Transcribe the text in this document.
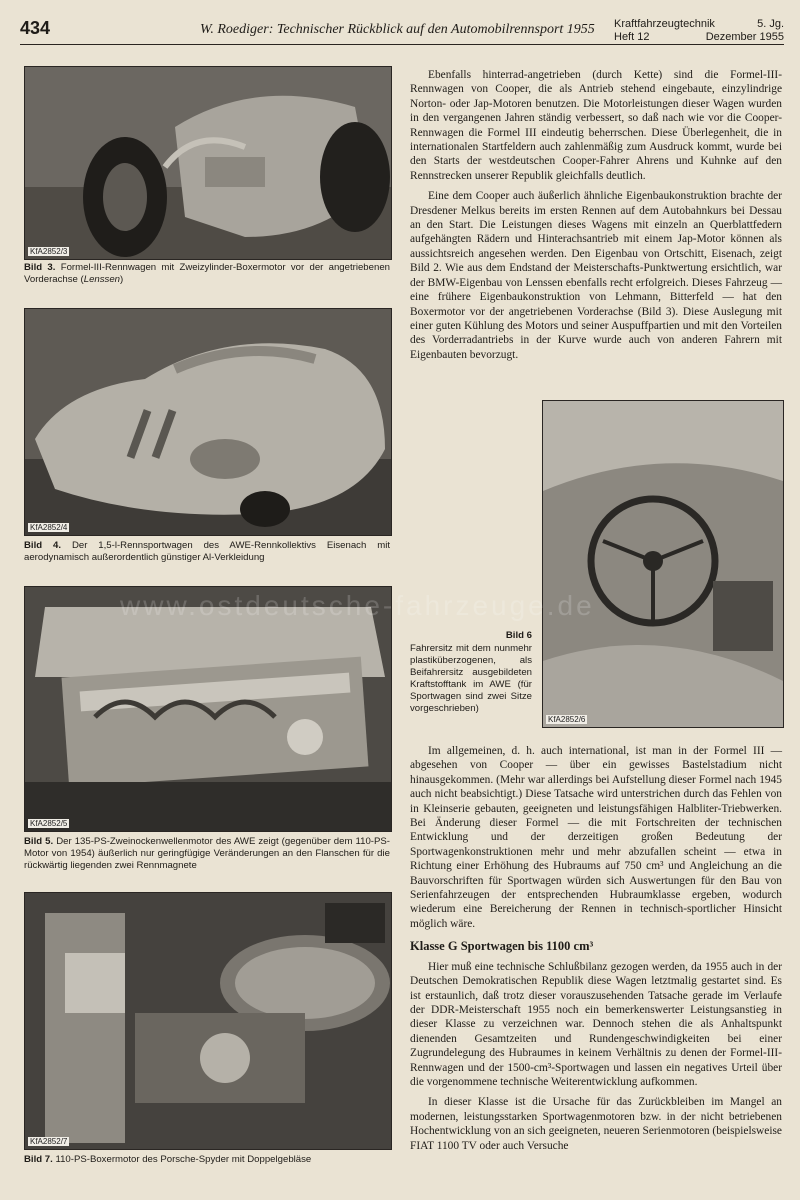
434	W. Roediger: Technischer Rückblick auf den Automobilrennsport 1955 Kraftfahrzeugtechnik	5. Jg.
Heft 12	Dezember 1955
KfA2852/3
Bild 3. Formel-III-Rennwagen mit Zweizylinder-Boxermotor vor der angetriebenen Vorderachse (Lenssen)
KfA2852/4
Bild 4. Der 1,5-l-Rennsportwagen des AWE-Rennkollektivs Eisenach mit aerodynamisch außerordentlich günstiger Al-Verkleidung
KfA2852/5
Bild 5. Der 135-PS-Zweinockenwellenmotor des AWE zeigt (gegenüber dem 110-PS-Motor von 1954) äußerlich nur geringfügige Veränderungen an den Flanschen für die rückwärtig liegenden zwei Rennmagnete
KfA2852/7
Bild 7. 110-PS-Boxermotor des Porsche-Spyder mit Doppelgebläse
KfA2852/6
Bild 6
Fahrersitz mit dem nunmehr plastiküberzogenen, als Beifahrersitz ausgebildeten Kraftstofftank im AWE (für Sportwagen sind zwei Sitze vorgeschrieben)

Ebenfalls hinterrad-angetrieben (durch Kette) sind die Formel-III-Rennwagen von Cooper, die als Antrieb stehend eingebaute, einzylindrige Norton- oder Jap-Motoren benutzen. Die Motorleistungen dieser Wagen wurden in den vergangenen Jahren ständig verbessert, so daß nach wie vor die Cooper-Rennwagen die Formel III eindeutig beherrschen. Diese Überlegenheit, die in internationalen Startfeldern auch zahlenmäßig zum Ausdruck kommt, wurde bei den Starts der westdeutschen Cooper-Fahrer Ahrens und Kuhnke auf den Rennstrecken unserer Republik gleichfalls deutlich.

Eine dem Cooper auch äußerlich ähnliche Eigenbaukonstruktion brachte der Dresdener Melkus bereits im ersten Rennen auf dem Autobahnkurs bei Dessau an den Start. Die Leistungen dieses Wagens mit einzeln an Querblattfedern aufgehängten Rädern und Hinterachsantrieb mit einem Jap-Motor können als aussichtsreich angesehen werden. Den Eigenbau von Ortschitt, Eisenach, zeigt Bild 2. Wie aus dem Endstand der Meisterschafts-Punktwertung ersichtlich, war der BMW-Eigenbau von Lenssen ebenfalls recht erfolgreich. Dieses Fahrzeug — eine frühere Eigenbaukonstruktion von Lehmann, Bitterfeld — hat den Boxermotor vor der angetriebenen Vorderachse (Bild 3). Diese Auslegung mit einer guten Kühlung des Motors und seiner Auspuffpartien und mit den Vorteilen des Vorderradantriebs in der Kurve wurde auch von anderen Fahrern mit Eigenbauten bevorzugt.

Im allgemeinen, d. h. auch international, ist man in der Formel III — abgesehen von Cooper — über ein gewisses Bastelstadium nicht hinausgekommen. (Mehr war allerdings bei Aufstellung dieser Formel nach 1945 auch nicht beabsichtigt.) Diese Tatsache wird unterstrichen durch das Fehlen von in Kleinserie gebauten, geeigneten und leistungsfähigen Halbliter-Triebwerken. Bei Änderung dieser Formel — die mit Fortschreiten der technischen Entwicklung und der derzeitigen großen Bedeutung der Sportwagenkonstruktionen mehr und mehr abzufallen scheint — etwa in Richtung einer Erhöhung des Hubraums auf 750 cm³ und Angleichung an die Bauvorschriften für Sportwagen würden sich Auswertungen für den Bau von Serienfahrzeugen der entsprechenden Hubraumklasse ergeben, wodurch wiederum eine Bereicherung der Rennen in technisch-sportlicher Hinsicht möglich wäre.

Klasse G Sportwagen bis 1100 cm³

Hier muß eine technische Schlußbilanz gezogen werden, da 1955 auch in der Deutschen Demokratischen Republik diese Wagen letztmalig gestartet sind. Es ist erstaunlich, daß trotz dieser vorauszusehenden Tatsache gerade im Verlaufe der DDR-Meisterschaft 1955 noch ein bemerkenswerter Leistungsanstieg in dieser Klasse zu verzeichnen war. Dennoch stehen die als Anhaltspunkt dienenden Gesamtzeiten und Rundengeschwindigkeiten bei einer Zugrundelegung des Hubraumes in keinem Verhältnis zu denen der Formel-III-Rennwagen und der 1500-cm³-Sportwagen und lassen ein negatives Urteil über die vorgenommene technische Weiterentwicklung aufkommen.

In dieser Klasse ist die Ursache für das Zurückbleiben im Mangel an modernen, leistungsstarken Sportwagenmotoren bzw. in der nicht betriebenen Hochentwicklung von an sich geeigneten, neueren Serienmotoren (beispielsweise FIAT 1100 TV oder auch Versuche
